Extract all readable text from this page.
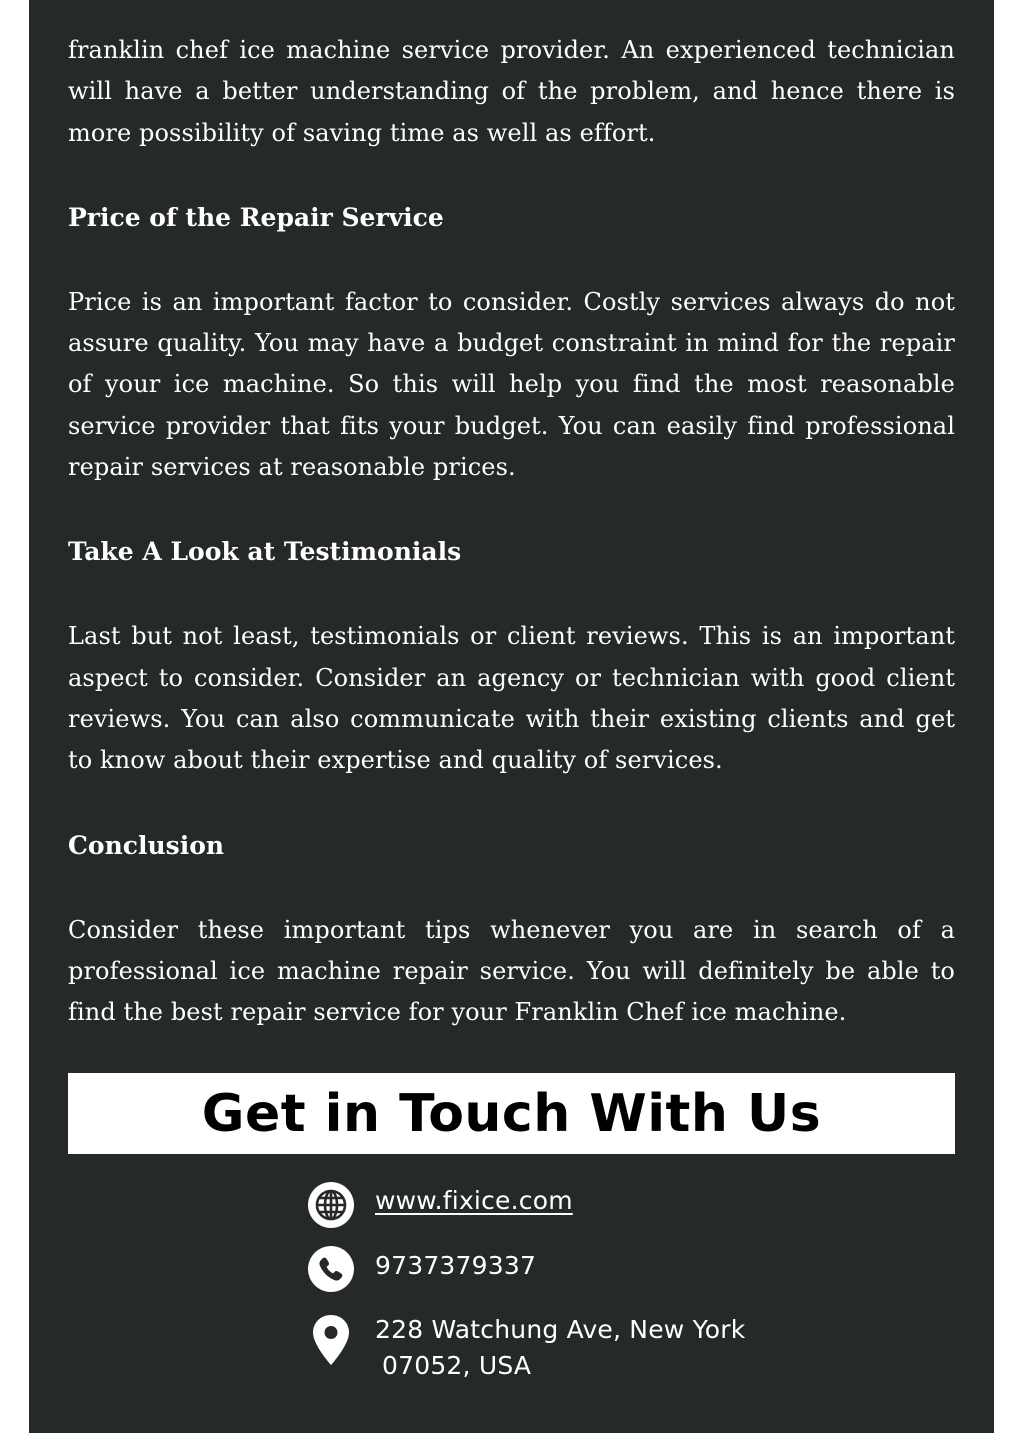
franklin chef ice machine service provider. An experienced technician will have a better understanding of the problem, and hence there is more possibility of saving time as well as effort.

Price of the Repair Service

Price is an important factor to consider. Costly services always do not assure quality. You may have a budget constraint in mind for the repair of your ice machine. So this will help you find the most reasonable service provider that fits your budget. You can easily find professional repair services at reasonable prices.

Take A Look at Testimonials

Last but not least, testimonials or client reviews. This is an important aspect to consider. Consider an agency or technician with good client reviews. You can also communicate with their existing clients and get to know about their expertise and quality of services.

Conclusion

Consider these important tips whenever you are in search of a professional ice machine repair service. You will definitely be able to find the best repair service for your Franklin Chef ice machine.

Get in Touch With Us
www.fixice.com
9737379337
228 Watchung Ave, New York
07052, USA
